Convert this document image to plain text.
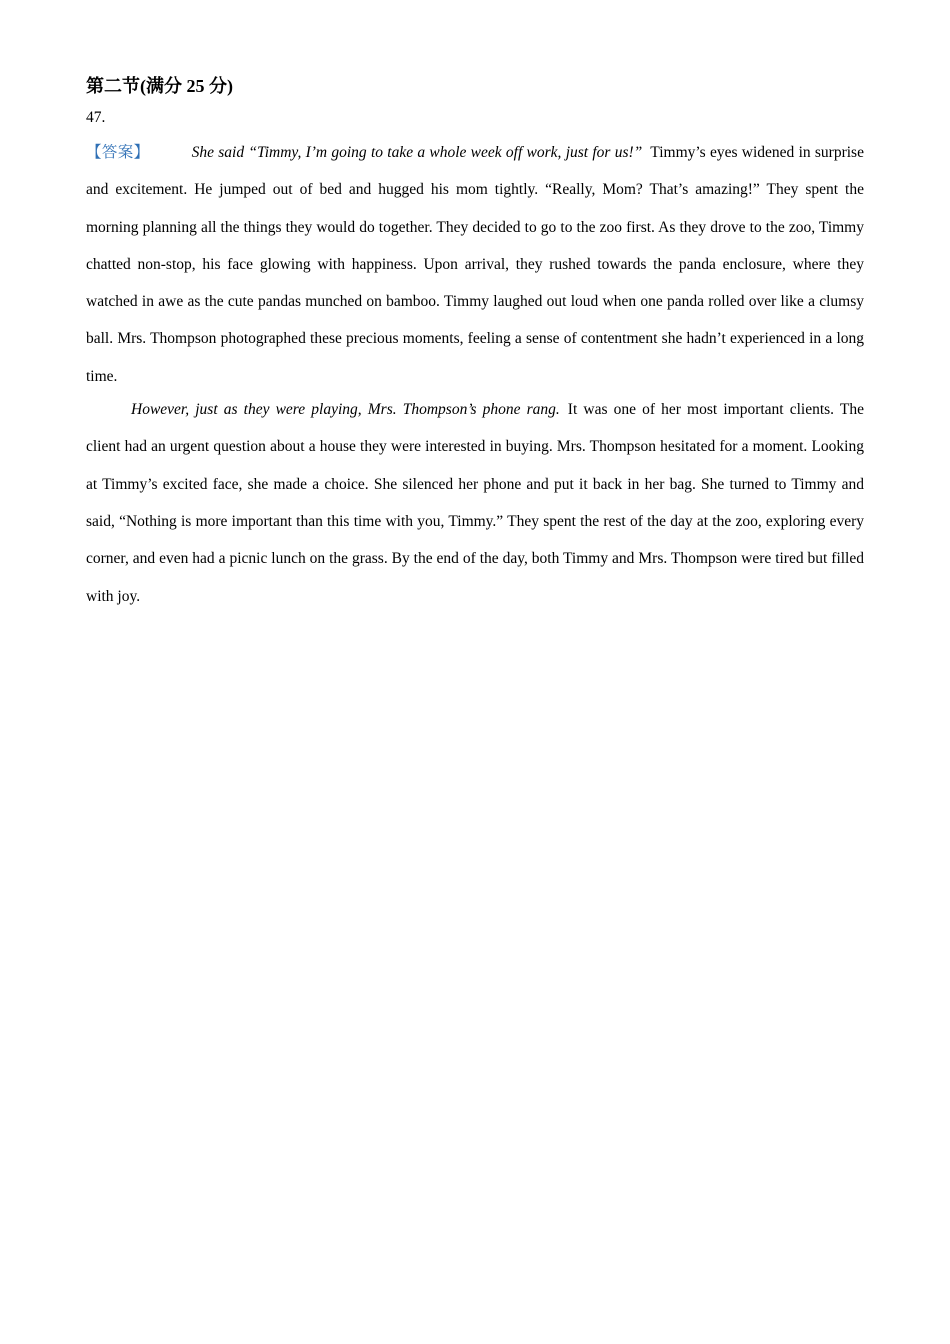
第二节(满分 25 分)
47.

【答案】	She said “Timmy, I’m going to take a whole week off work, just for us!” Timmy’s eyes widened in surprise and excitement. He jumped out of bed and hugged his mom tightly. “Really, Mom? That’s amazing!” They spent the morning planning all the things they would do together. They decided to go to the zoo first. As they drove to the zoo, Timmy chatted non-stop, his face glowing with happiness. Upon arrival, they rushed towards the panda enclosure, where they watched in awe as the cute pandas munched on bamboo. Timmy laughed out loud when one panda rolled over like a clumsy ball. Mrs. Thompson photographed these precious moments, feeling a sense of contentment she hadn’t experienced in a long time.

However, just as they were playing, Mrs. Thompson’s phone rang. It was one of her most important clients. The client had an urgent question about a house they were interested in buying. Mrs. Thompson hesitated for a moment. Looking at Timmy’s excited face, she made a choice. She silenced her phone and put it back in her bag. She turned to Timmy and said, “Nothing is more important than this time with you, Timmy.” They spent the rest of the day at the zoo, exploring every corner, and even had a picnic lunch on the grass. By the end of the day, both Timmy and Mrs. Thompson were tired but filled with joy.
